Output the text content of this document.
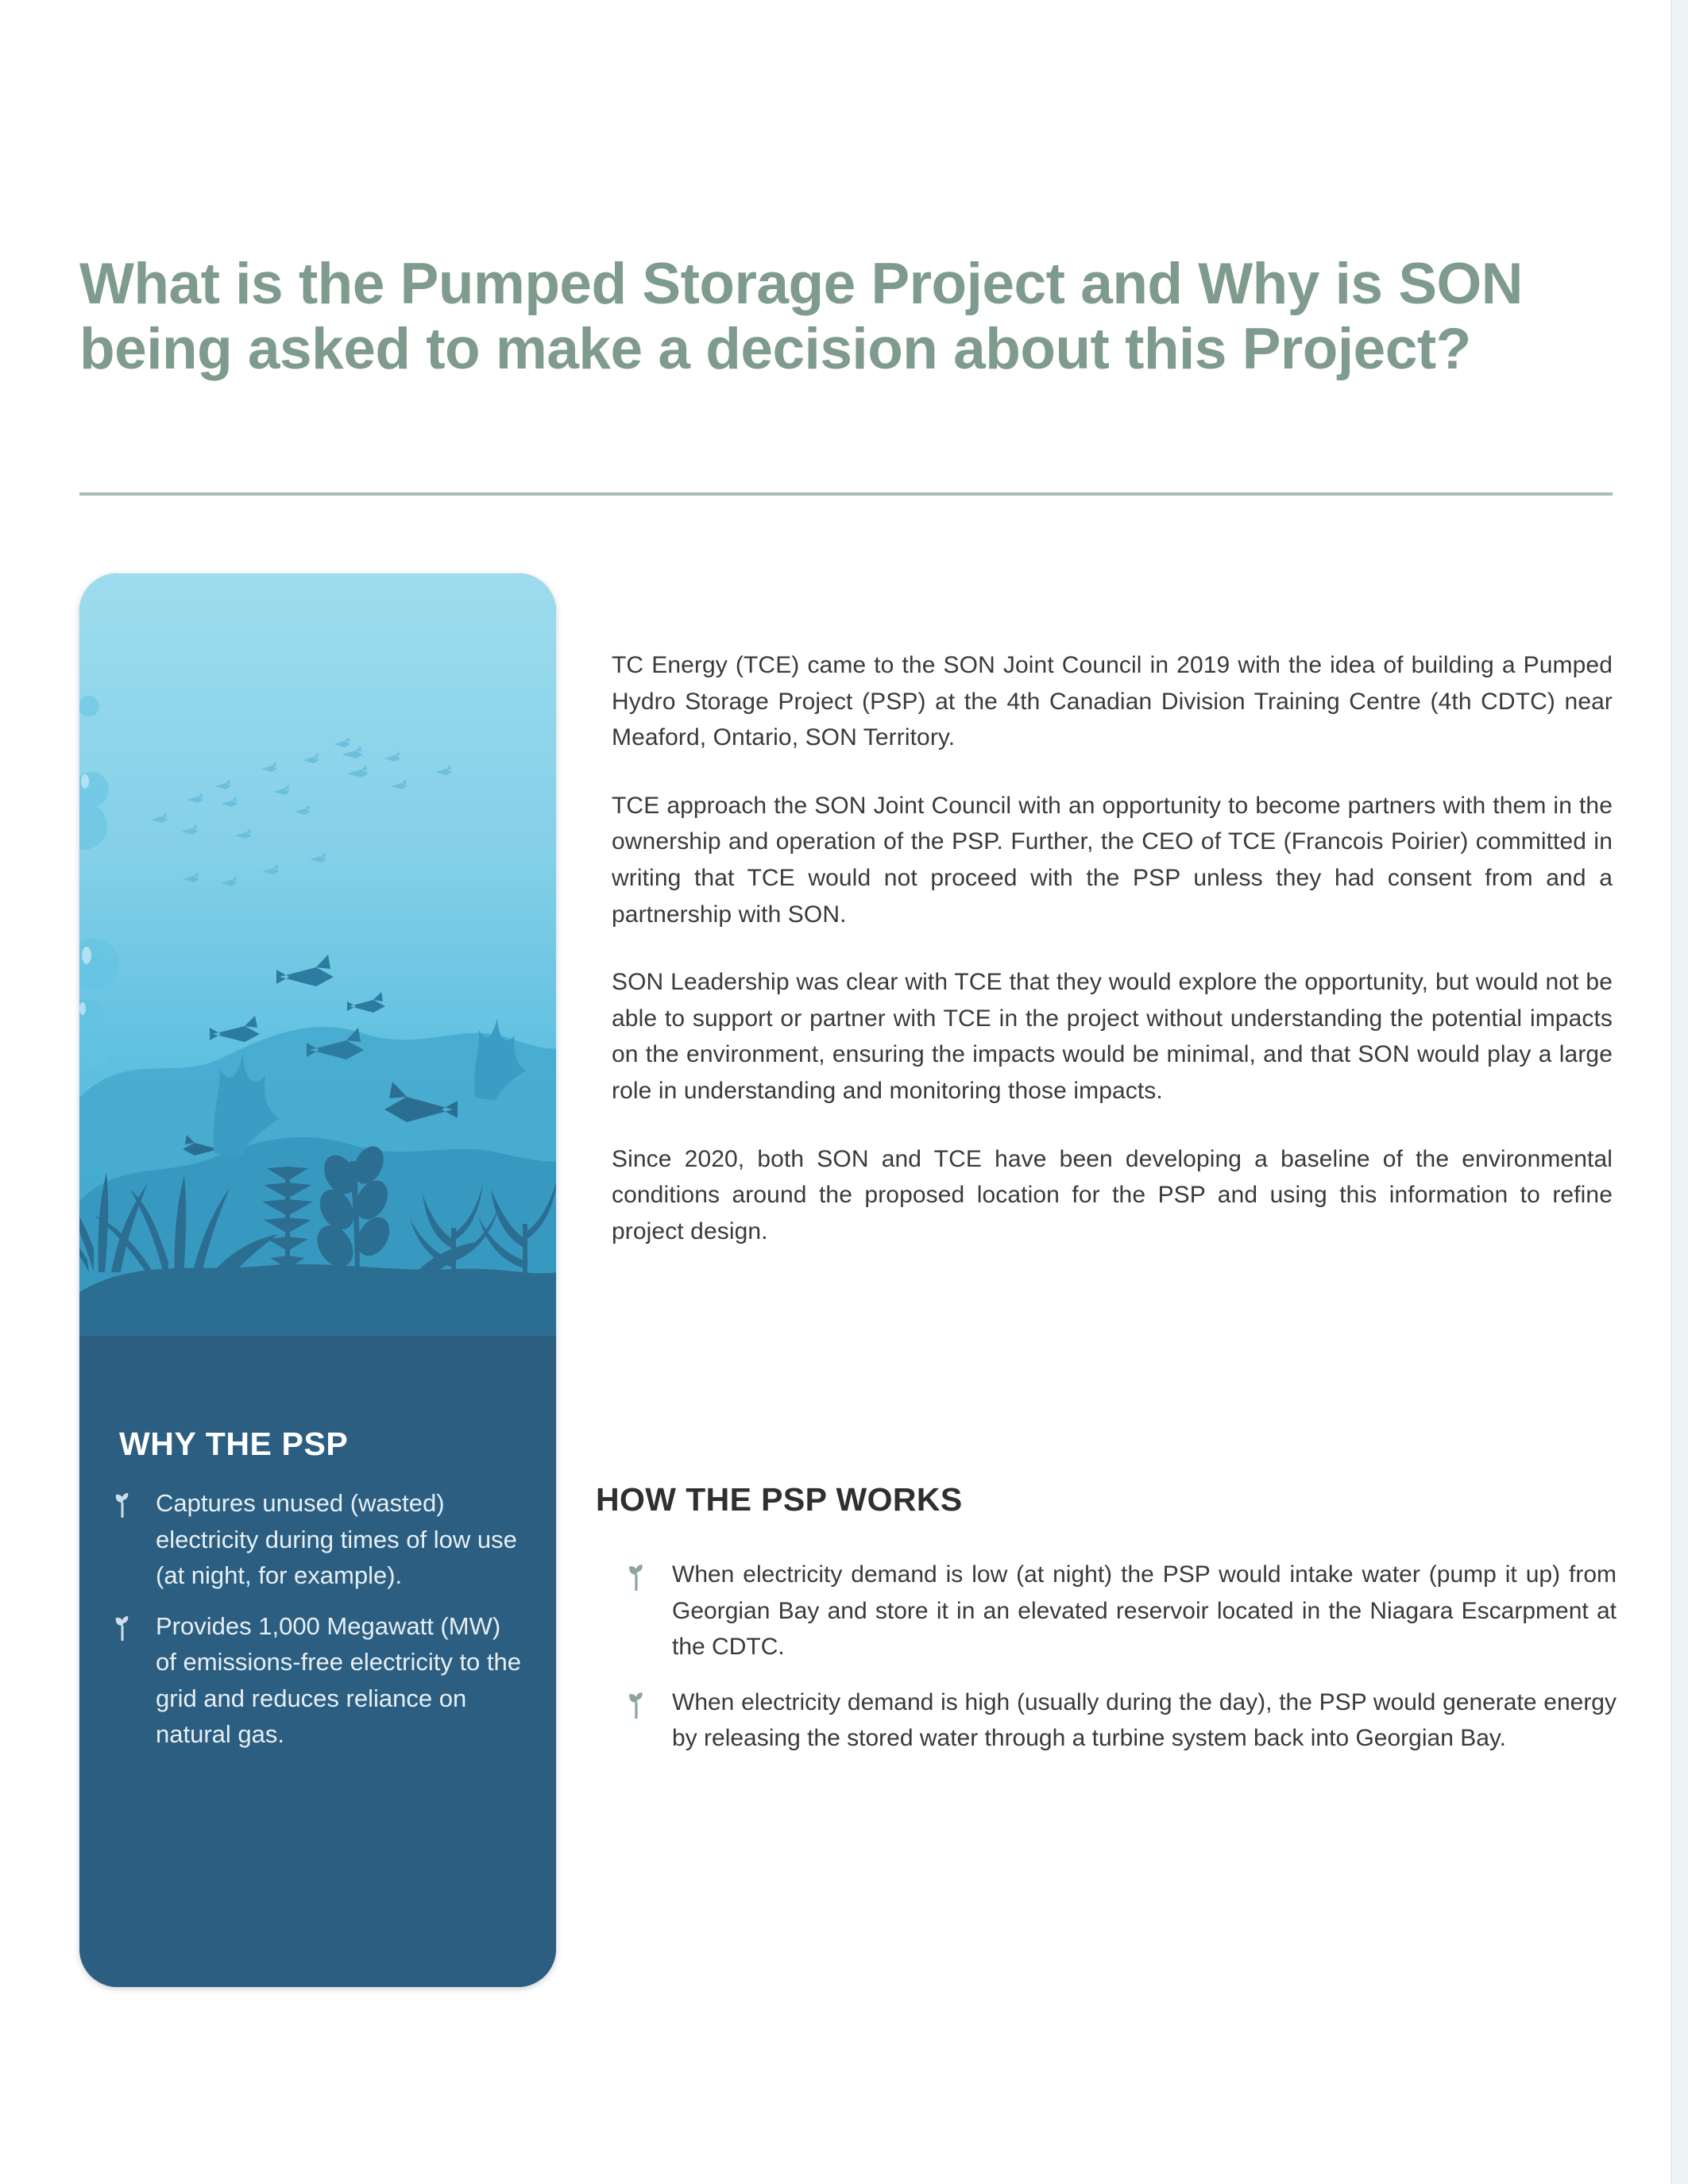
What is the Pumped Storage Project and Why is SON being asked to make a decision about this Project?
WHY THE PSP
Captures unused (wasted) electricity during times of low use (at night, for example).
Provides 1,000 Megawatt (MW) of emissions-free electricity to the grid and reduces reliance on natural gas.

TC Energy (TCE) came to the SON Joint Council in 2019 with the idea of building a Pumped Hydro Storage Project (PSP) at the 4th Canadian Division Training Centre (4th CDTC) near Meaford, Ontario, SON Territory.

TCE approach the SON Joint Council with an opportunity to become partners with them in the ownership and operation of the PSP. Further, the CEO of TCE (Francois Poirier) committed in writing that TCE would not proceed with the PSP unless they had consent from and a partnership with SON.

SON Leadership was clear with TCE that they would explore the opportunity, but would not be able to support or partner with TCE in the project without understanding the potential impacts on the environment, ensuring the impacts would be minimal, and that SON would play a large role in understanding and monitoring those impacts.

Since 2020, both SON and TCE have been developing a baseline of the environmental conditions around the proposed location for the PSP and using this information to refine project design.

HOW THE PSP WORKS
When electricity demand is low (at night) the PSP would intake water (pump it up) from Georgian Bay and store it in an elevated reservoir located in the Niagara Escarpment at the CDTC.
When electricity demand is high (usually during the day), the PSP would generate energy by releasing the stored water through a turbine system back into Georgian Bay.
